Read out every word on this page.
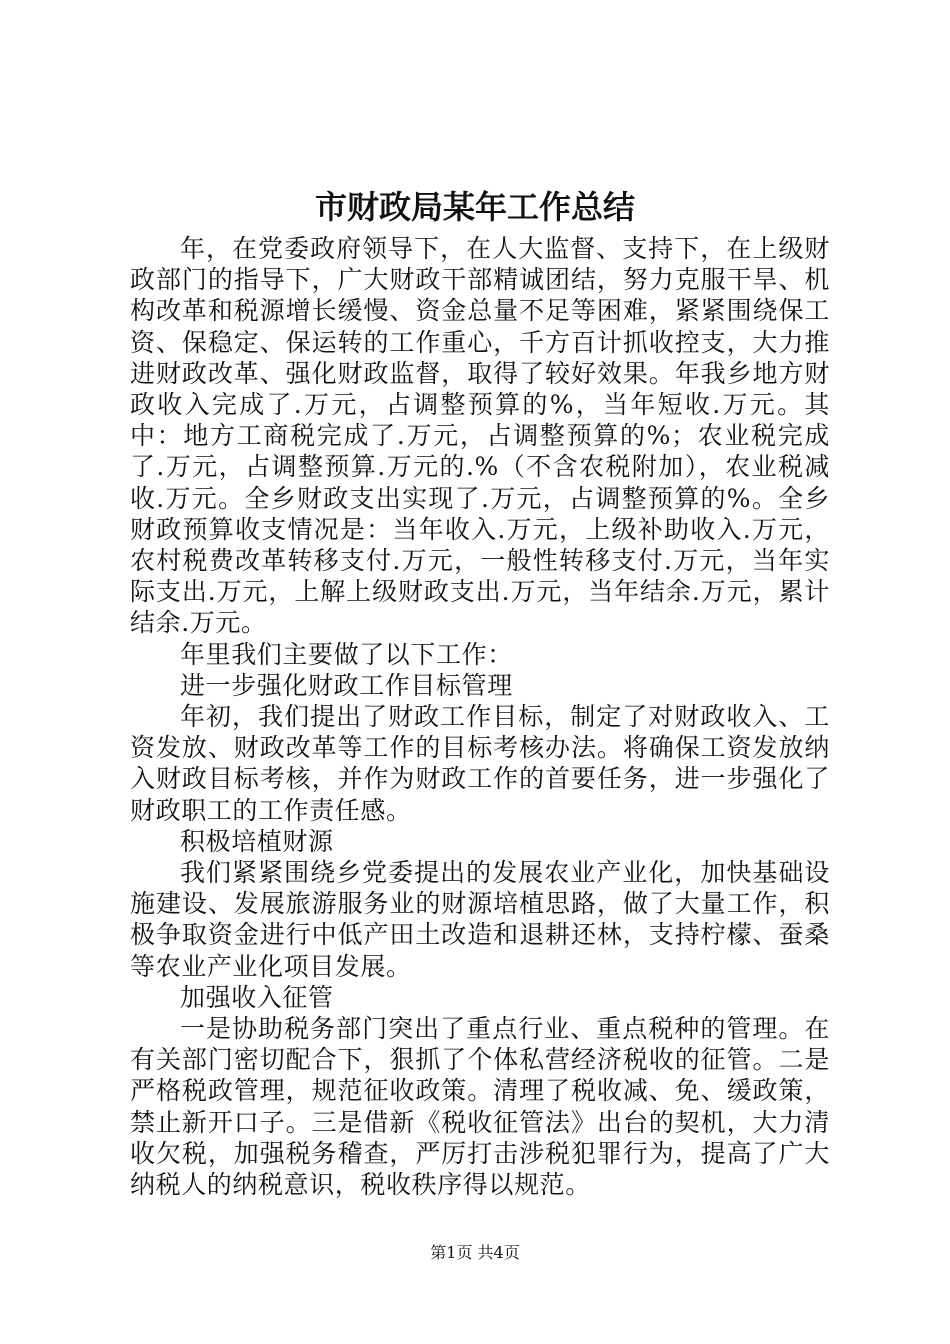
市财政局某年工作总结

年，在党委政府领导下，在人大监督、支持下，在上级财政部门的指导下，广大财政干部精诚团结，努力克服干旱、机构改革和税源增长缓慢、资金总量不足等困难，紧紧围绕保工资、保稳定、保运转的工作重心，千方百计抓收控支，大力推进财政改革、强化财政监督，取得了较好效果。年我乡地方财政收入完成了.万元，占调整预算的%，当年短收.万元。其中：地方工商税完成了.万元，占调整预算的%；农业税完成了.万元，占调整预算.万元的.%（不含农税附加），农业税减收.万元。全乡财政支出实现了.万元，占调整预算的%。全乡财政预算收支情况是：当年收入.万元，上级补助收入.万元，农村税费改革转移支付.万元，一般性转移支付.万元，当年实际支出.万元，上解上级财政支出.万元，当年结余.万元，累计结余.万元。

年里我们主要做了以下工作：

进一步强化财政工作目标管理

年初，我们提出了财政工作目标，制定了对财政收入、工资发放、财政改革等工作的目标考核办法。将确保工资发放纳入财政目标考核，并作为财政工作的首要任务，进一步强化了财政职工的工作责任感。

积极培植财源

我们紧紧围绕乡党委提出的发展农业产业化，加快基础设施建设、发展旅游服务业的财源培植思路，做了大量工作，积极争取资金进行中低产田土改造和退耕还林，支持柠檬、蚕桑等农业产业化项目发展。

加强收入征管

一是协助税务部门突出了重点行业、重点税种的管理。在有关部门密切配合下，狠抓了个体私营经济税收的征管。二是严格税政管理，规范征收政策。清理了税收减、免、缓政策，禁止新开口子。三是借新《税收征管法》出台的契机，大力清收欠税，加强税务稽查，严厉打击涉税犯罪行为，提高了广大纳税人的纳税意识，税收秩序得以规范。

第1页 共4页
